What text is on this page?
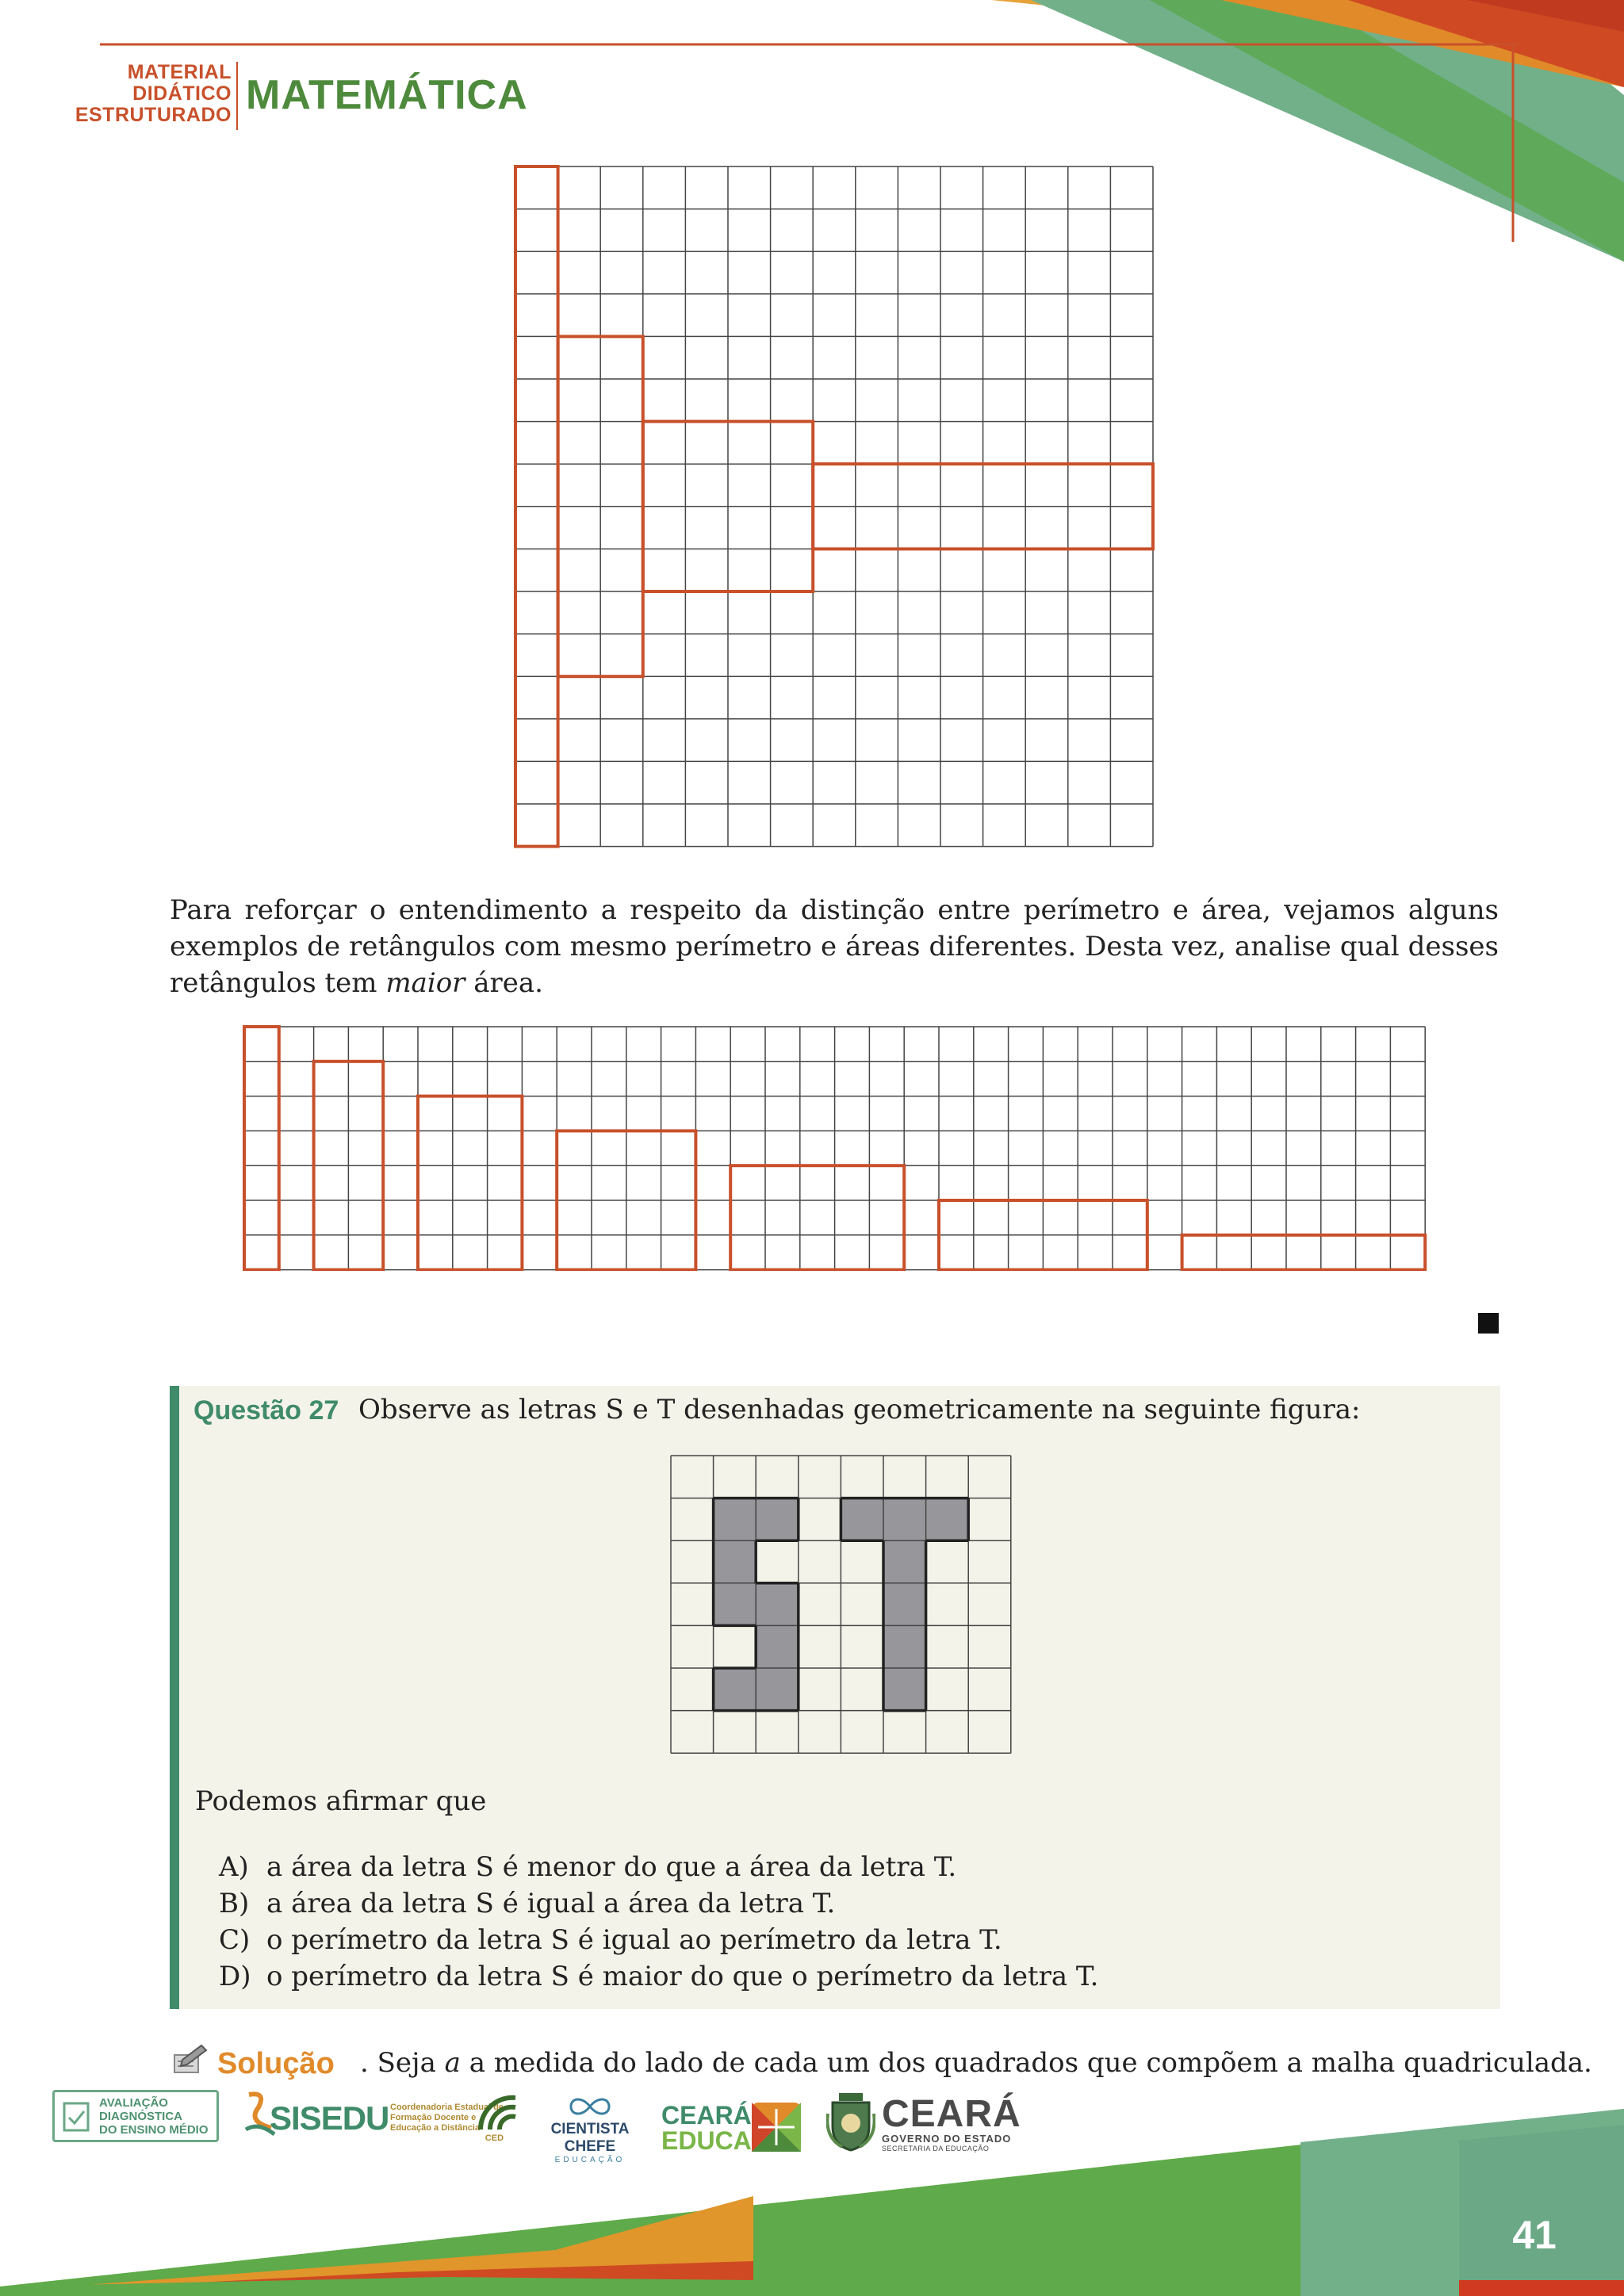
MATERIAL
DIDÁTICO
ESTRUTURADO MATEMÁTICA
Para reforçar o entendimento a respeito da distinção entre perímetro e área, vejamos alguns exemplos de retângulos com mesmo perímetro e áreas diferentes. Desta vez, analise qual desses retângulos tem maior área.
Questão 27 Observe as letras S e T desenhadas geometricamente na seguinte figura:
Podemos afirmar que
A) a área da letra S é menor do que a área da letra T.
B) a área da letra S é igual a área da letra T.
C) o perímetro da letra S é igual ao perímetro da letra T.
D) o perímetro da letra S é maior do que o perímetro da letra T.
Solução . Seja a a medida do lado de cada um dos quadrados que compõem a malha quadriculada.
AVALIAÇÃO
DIAGNÓSTICA
DO ENSINO MÉDIO SISEDU Coordenadoria Estadual de
Formação Docente e
Educação a Distância
CED
CIENTISTA CHEFE
EDUCAÇÃO
CEARÁ
EDUCA
CEARÁ
GOVERNO DO ESTADO
SECRETARIA DA EDUCAÇÃO
41
